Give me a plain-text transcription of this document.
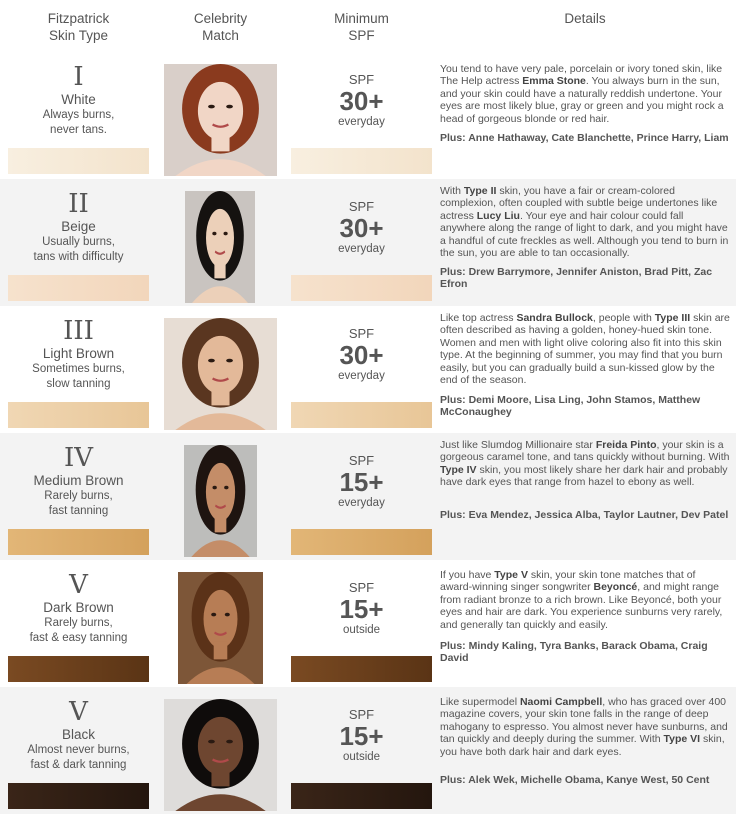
Fitzpatrick
Skin Type
Celebrity
Match
Minimum
SPF
Details
I
White
Always burns,
never tans.
SPF
30+
everyday
You tend to have very pale, porcelain or ivory toned skin, like The Help actress Emma Stone. You always burn in the sun, and your skin could have a naturally reddish undertone. Your eyes are most likely blue, gray or green and you might rock a head of gorgeous blonde or red hair.
Plus: Anne Hathaway, Cate Blanchette, Prince Harry, Liam
II
Beige
Usually burns,
tans with difficulty
SPF
30+
everyday
With Type II skin, you have a fair or cream-colored complexion, often coupled with subtle beige undertones like actress Lucy Liu. Your eye and hair colour could fall anywhere along the range of light to dark, and you might have a handful of cute freckles as well. Although you tend to burn in the sun, you are able to tan occasionally.
Plus: Drew Barrymore, Jennifer Aniston, Brad Pitt, Zac Efron
III
Light Brown
Sometimes burns,
slow tanning
SPF
30+
everyday
Like top actress Sandra Bullock, people with Type III skin are often described as having a golden, honey-hued skin tone. Women and men with light olive coloring also fit into this skin type. At the beginning of summer, you may find that you burn easily, but you can gradually build a sun-kissed glow by the end of the season.
Plus: Demi Moore, Lisa Ling, John Stamos, Matthew McConaughey
IV
Medium Brown
Rarely burns,
fast tanning
SPF
15+
everyday
Just like Slumdog Millionaire star Freida Pinto, your skin is a gorgeous caramel tone, and tans quickly without burning. With Type IV skin, you most likely share her dark hair and probably have dark eyes that range from hazel to ebony as well.
Plus: Eva Mendez, Jessica Alba, Taylor Lautner, Dev Patel
V
Dark Brown
Rarely burns,
fast & easy tanning
SPF
15+
outside
If you have Type V skin, your skin tone matches that of award-winning singer songwriter Beyoncé, and might range from radiant bronze to a rich brown. Like Beyoncé, both your eyes and hair are dark. You experience sunburns very rarely, and generally tan quickly and easily.
Plus: Mindy Kaling, Tyra Banks, Barack Obama, Craig David
V
Black
Almost never burns,
fast & dark tanning
SPF
15+
outside
Like supermodel Naomi Campbell, who has graced over 400 magazine covers, your skin tone falls in the range of deep mahogany to espresso. You almost never have sunburns, and tan quickly and deeply during the summer. With Type VI skin, you have both dark hair and dark eyes.
Plus: Alek Wek, Michelle Obama, Kanye West, 50 Cent
